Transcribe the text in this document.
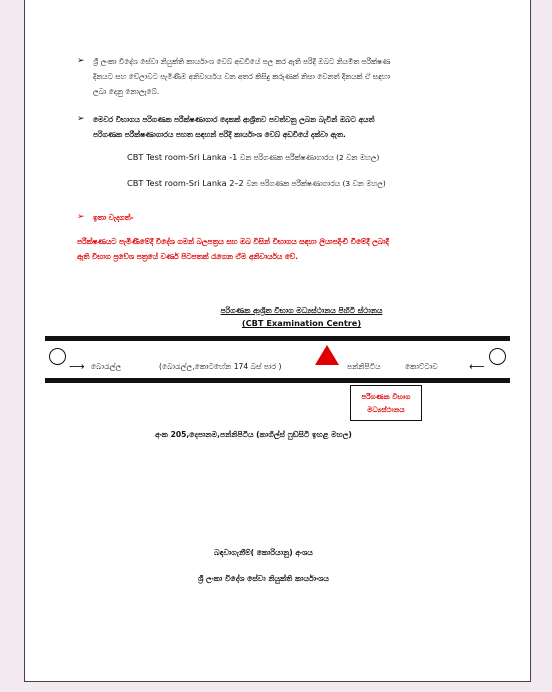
➢ ශ්‍රී ලංකා විදේශ සේවා නියුක්ති කාර්යාංශ වෙබ් අඩවියේ පල කර ඇති පරිදි ඔබට නියමිත පරීක්ෂණ
දිනයට සහ වේලාවට පැමිණීම අනිවාර්යය වන අතර කිසිදු කරුණක් නිසා වෙනත් දිනයක් ඒ සඳහා
ලබා දෙනු නොලැබේ.
➢ මෙවර විභාගය පරිගණක පරීක්ෂණාගාර දෙකක් ආශ්‍රිතව පවත්වනු ලබන බැවින් ඔබට අයත්
පරිගණක පරීක්ෂණාගාරය පහත සඳහන් පරිදි කාර්යාංශ වෙබ් අඩවියේ දක්වා ඇත.
CBT Test room-Sri Lanka -1 වන පරිගණක පරීක්ෂණාගාරය (2 වන මහල)
CBT Test room-Sri Lanka 2–2 වන පරිගණක පරීක්ෂණාගාරය (3 වන මහල)
➢ ඉතා වැදගත්-
පරීක්ෂණයට පැමිණීමේදී විදේශ ගමන් බලපත්‍රය සහ ඔබ විසින් විභාගය සඳහා ලියාපදිංචි වීමේදී ලබාදී
ඇති විභාග ප්‍රවේශ පත්‍රයේ වර්ණ පිටපතක් රැගෙන ඒම අනිවාර්යය වේ.
පරිගණක ආශ්‍රිත විභාග මධ්‍යස්ථානය පිහිටි ස්ථානය
(CBT Examination Centre)
⟶ බොරැල්ල	(බොරැල්ල,කොටහේන 174 බස් පාර )	පන්නිපිටිය	කොට්ටාව	⟵
පරිගණක විභාග
මධ්‍යස්ථානය
අංක 205,දෙපානම,පන්නිපිටිය (කාගිල්ස් ෆුඩ්සිටි ඉහළ මහල)
බඳවාගැනීම්( කොරියානු) අංශය
ශ්‍රී ලංකා විදේශ සේවා නියුක්ති කාර්යාංශය
